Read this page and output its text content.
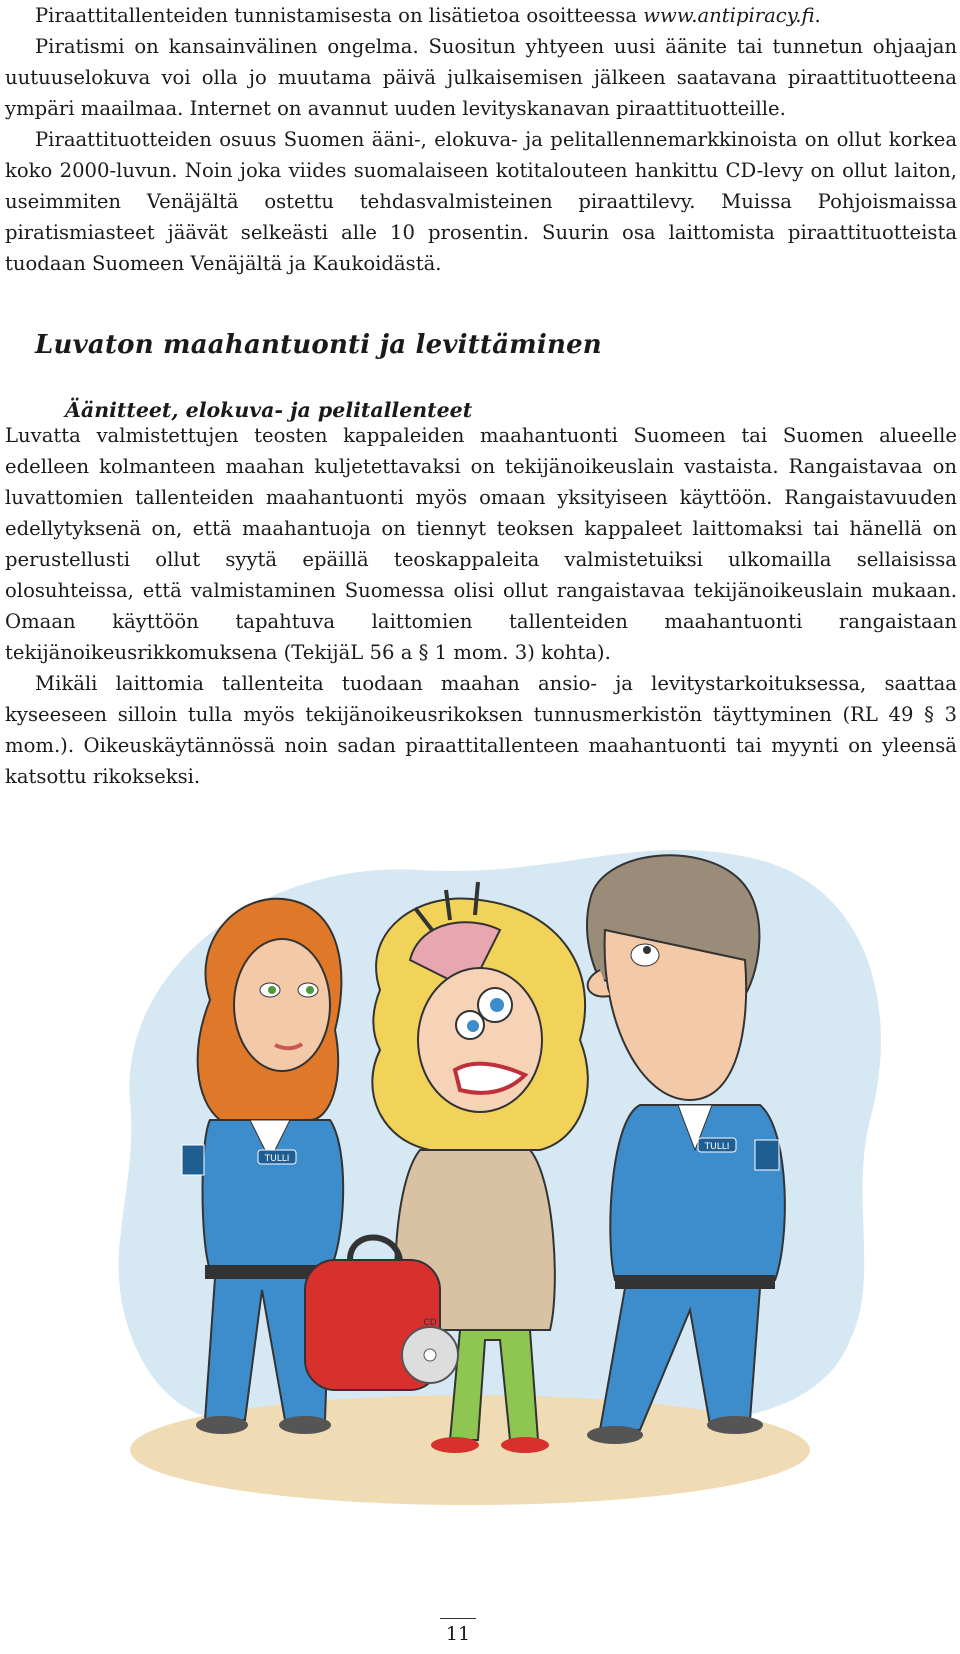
Piraattitallenteiden tunnistamisesta on lisätietoa osoitteessa www.antipiracy.fi.

Piratismi on kansainvälinen ongelma. Suositun yhtyeen uusi äänite tai tunnetun ohjaajan uutuuselokuva voi olla jo muutama päivä julkaisemisen jälkeen saatavana piraattituotteena ympäri maailmaa. Internet on avannut uuden levityskanavan piraattituotteille.

Piraattituotteiden osuus Suomen ääni-, elokuva- ja pelitallennemarkkinoista on ollut korkea koko 2000-luvun. Noin joka viides suomalaiseen kotitalouteen hankittu CD-levy on ollut laiton, useimmiten Venäjältä ostettu tehdasvalmisteinen piraattilevy. Muissa Pohjoismaissa piratismiasteet jäävät selkeästi alle 10 prosentin. Suurin osa laittomista piraattituotteista tuodaan Suomeen Venäjältä ja Kaukoidästä.

Luvaton maahantuonti ja levittäminen
Äänitteet, elokuva- ja pelitallenteet

Luvatta valmistettujen teosten kappaleiden maahantuonti Suomeen tai Suomen alueelle edelleen kolmanteen maahan kuljetettavaksi on tekijänoikeuslain vastaista. Rangaistavaa on luvattomien tallenteiden maahantuonti myös omaan yksityiseen käyttöön. Rangaistavuuden edellytyksenä on, että maahantuoja on tiennyt teoksen kappaleet laittomaksi tai hänellä on perustellusti ollut syytä epäillä teoskappaleita valmistetuiksi ulkomailla sellaisissa olosuhteissa, että valmistaminen Suomessa olisi ollut rangaistavaa tekijänoikeuslain mukaan. Omaan käyttöön tapahtuva laittomien tallenteiden maahantuonti rangaistaan tekijänoikeusrikkomuksena (TekijäL 56 a § 1 mom. 3) kohta).

Mikäli laittomia tallenteita tuodaan maahan ansio- ja levitystarkoituksessa, saattaa kyseeseen silloin tulla myös tekijänoikeusrikoksen tunnusmerkistön täyttyminen (RL 49 § 3 mom.). Oikeuskäytännössä noin sadan piraattitallenteen maahantuonti tai myynti on yleensä katsottu rikokseksi.

TULLI
CD
TULLI
11
